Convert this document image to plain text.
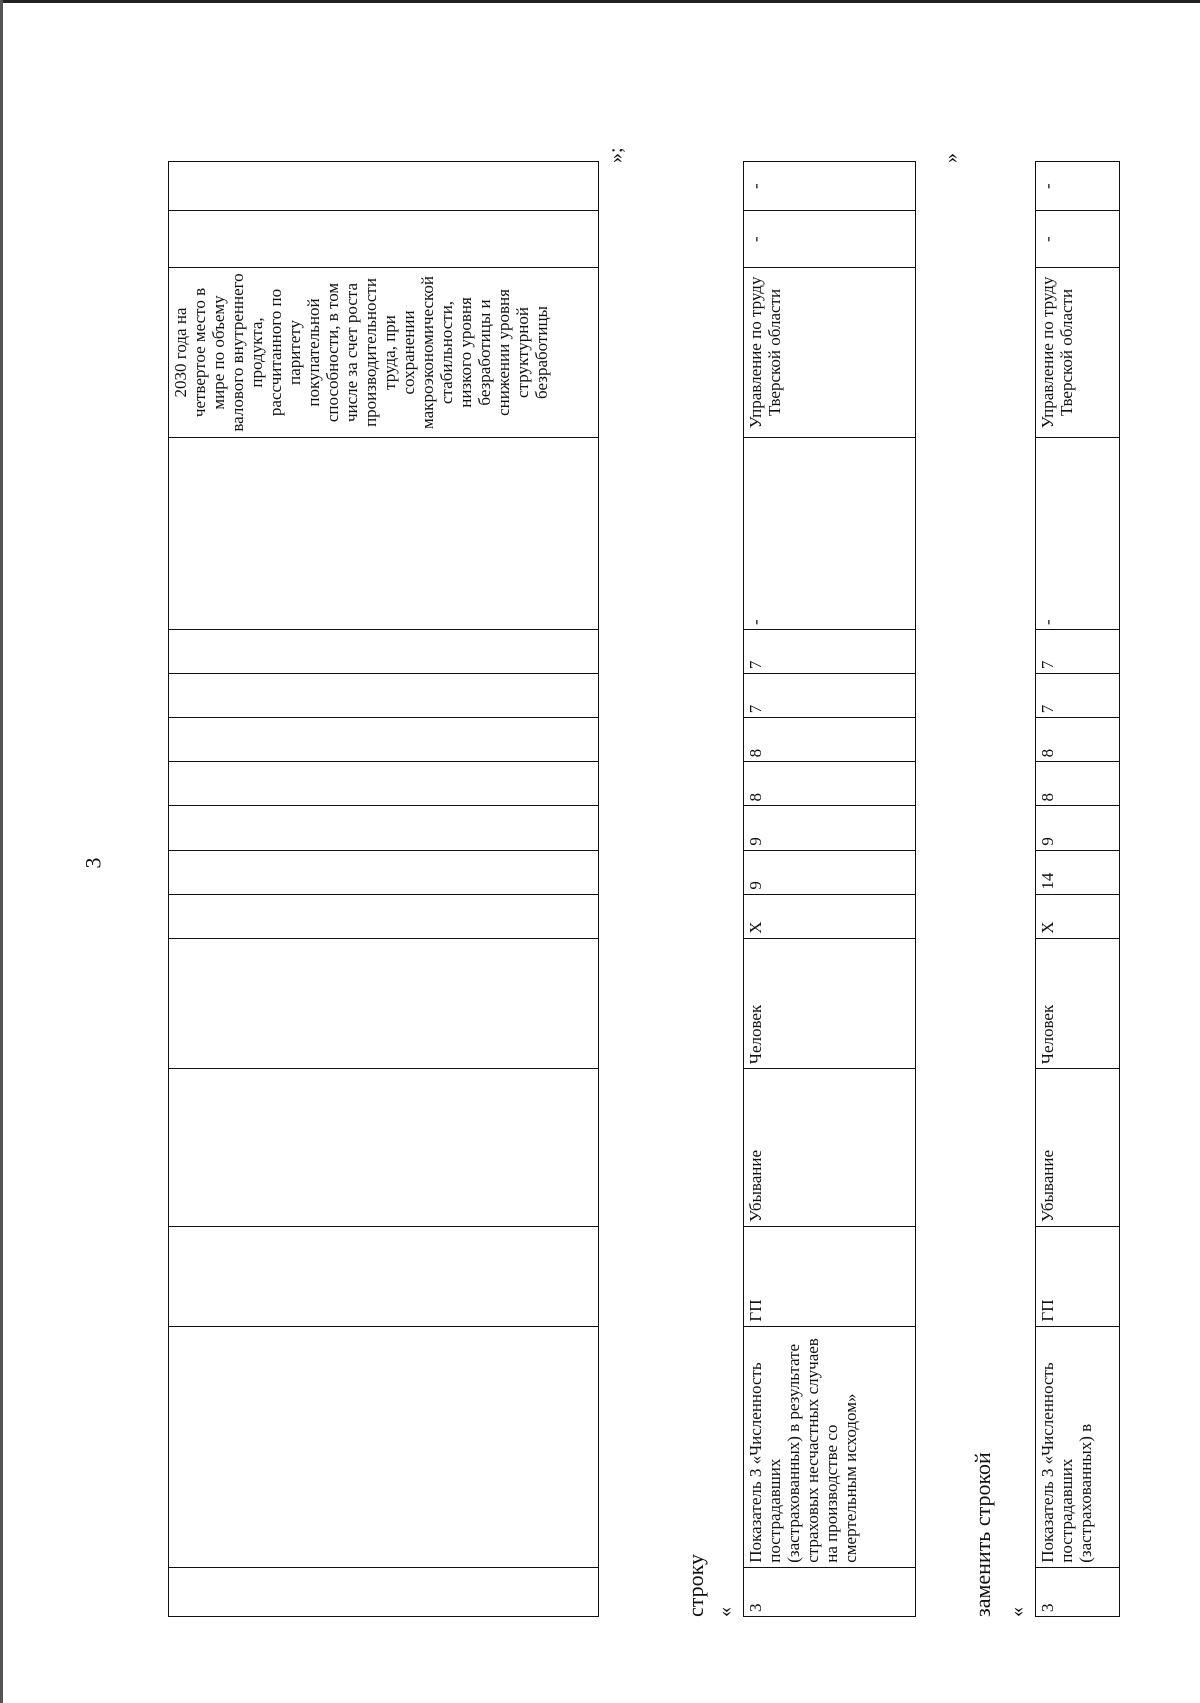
3
													2030 года на четвертое место в мире по объему валового внутреннего продукта, рассчитанного по паритету покупательной способности, в том числе за счет роста производительности труда, при сохранении макроэкономической стабильности, низкого уровня безработицы и снижении уровня структурной безработицы		
»;
строку « 3	Показатель 3 «Численность пострадавших (застрахованных) в результате страховых несчастных случаев на производстве со смертельным исходом»	ГП	Убывание	Человек	Х	9	9	8	8	7	7	-	Управление по труду Тверской области	-	-
»
заменить строкой « 3	Показатель 3 «Численность пострадавших (застрахованных) в	ГП	Убывание	Человек	Х	14	9	8	8	7	7	-	Управление по труду Тверской области	-	-
